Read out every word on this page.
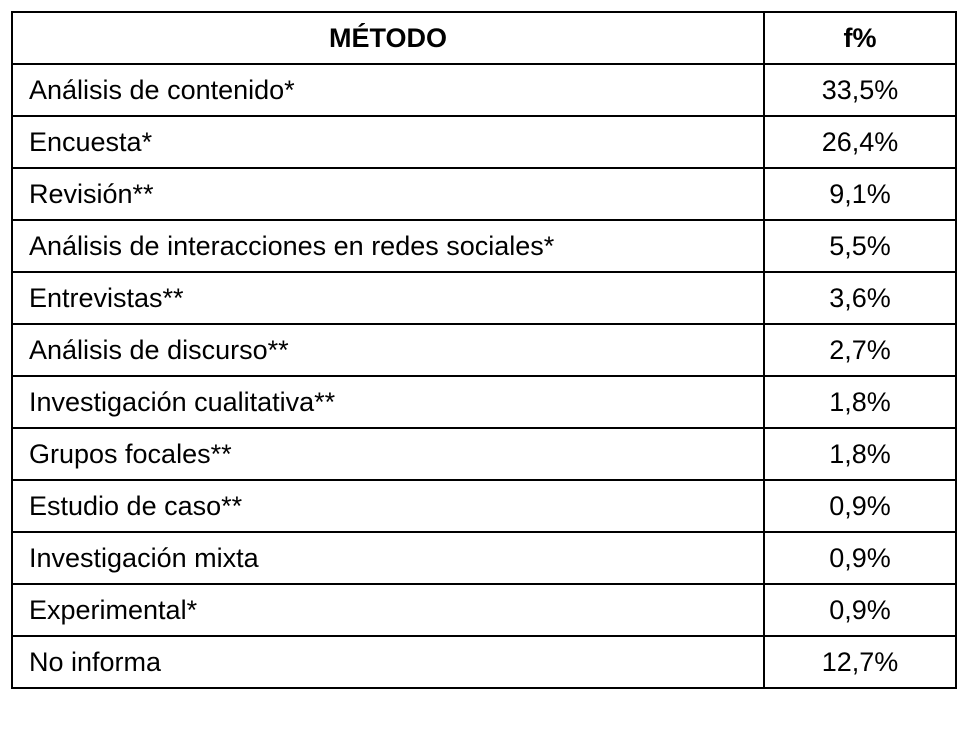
MÉTODO	f%
Análisis de contenido*	33,5%
Encuesta*	26,4%
Revisión**	9,1%
Análisis de interacciones en redes sociales*	5,5%
Entrevistas**	3,6%
Análisis de discurso**	2,7%
Investigación cualitativa**	1,8%
Grupos focales**	1,8%
Estudio de caso**	0,9%
Investigación mixta	0,9%
Experimental*	0,9%
No informa	12,7%
